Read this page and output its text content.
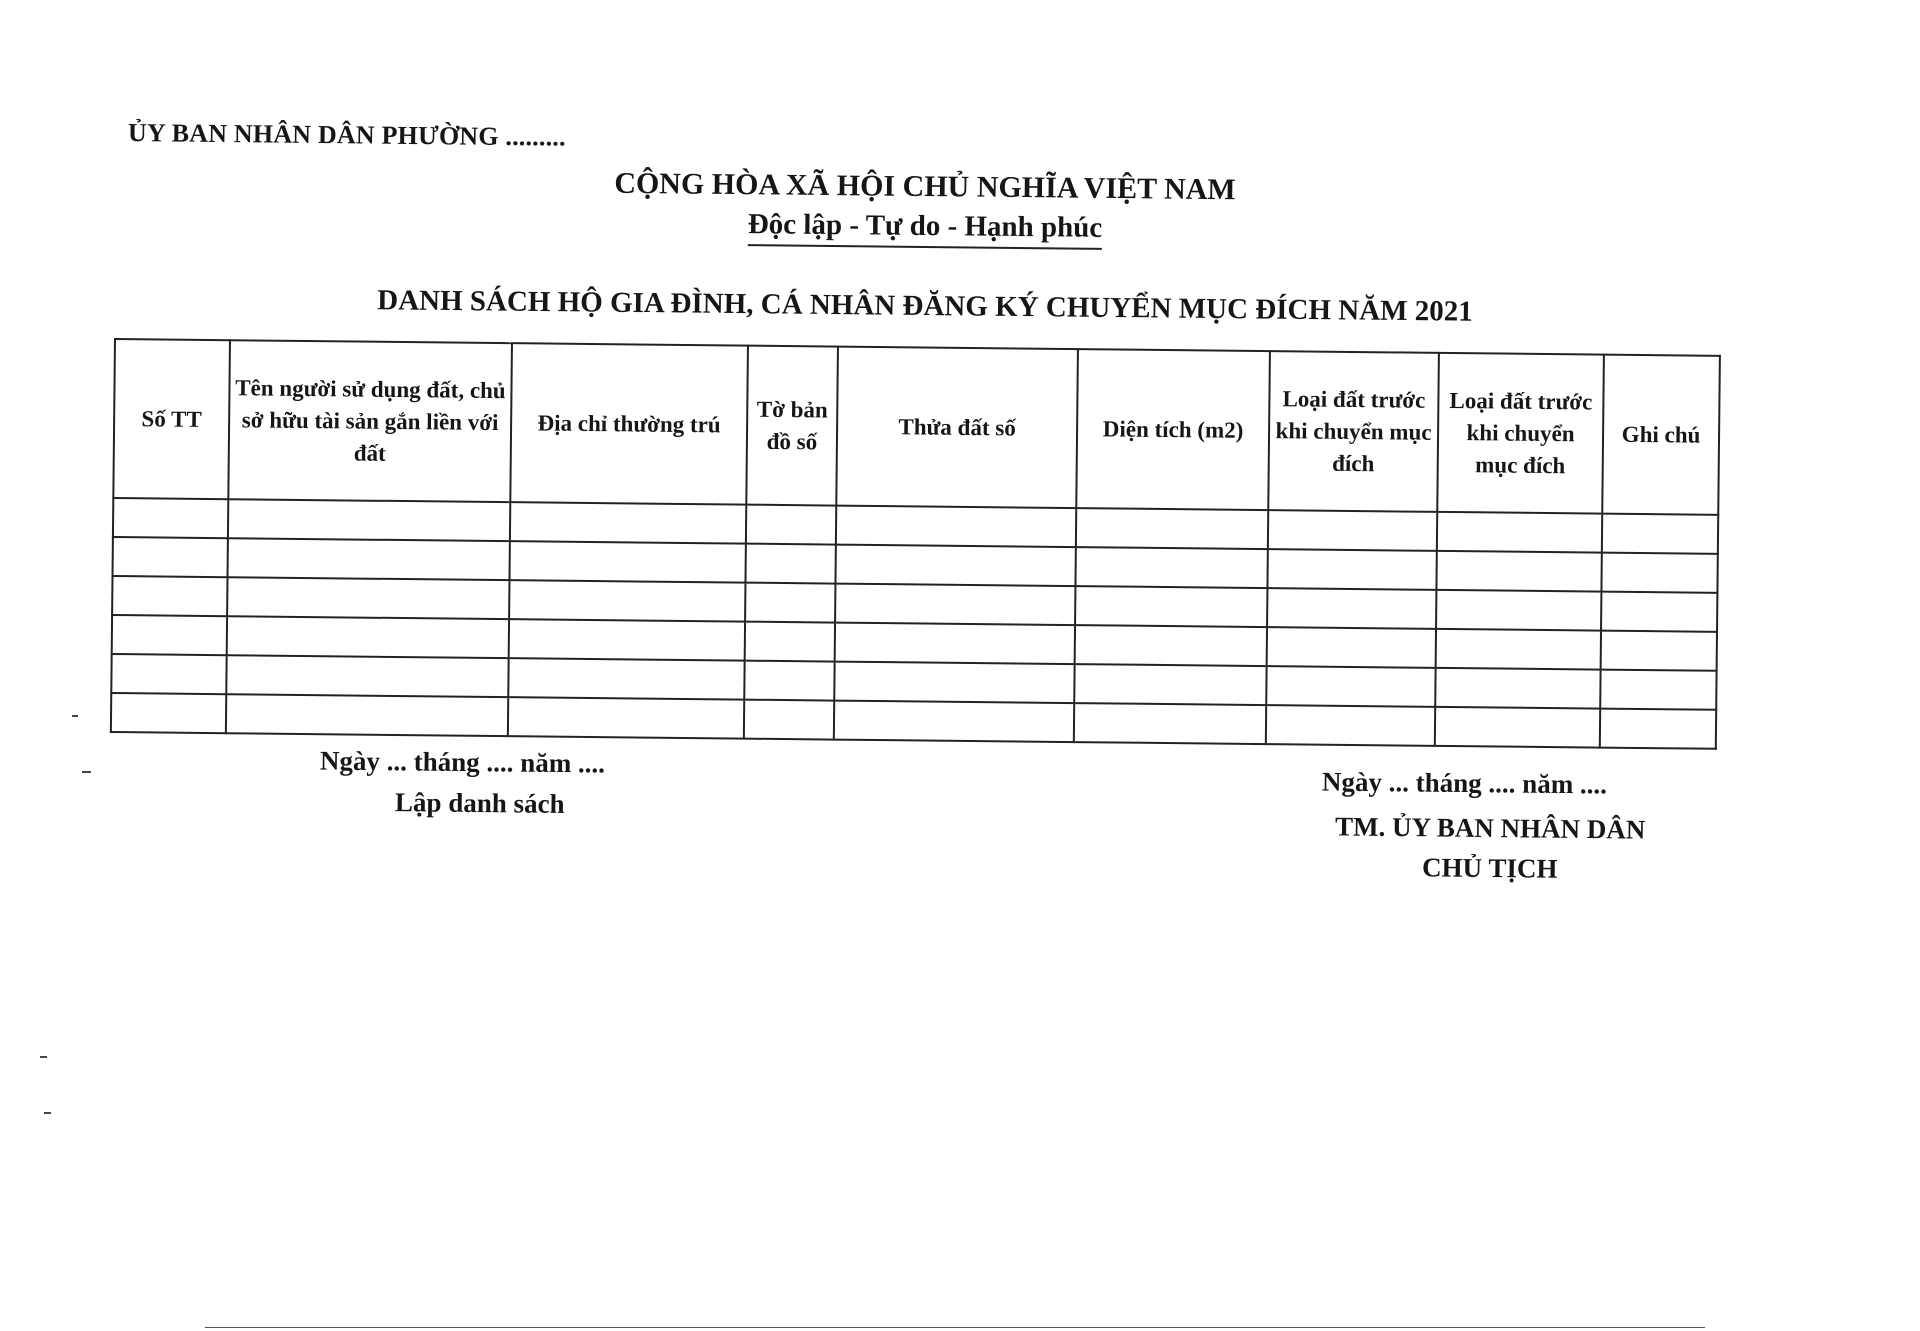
ỦY BAN NHÂN DÂN PHƯỜNG .........
CỘNG HÒA XÃ HỘI CHỦ NGHĨA VIỆT NAM
Độc lập - Tự do - Hạnh phúc
DANH SÁCH HỘ GIA ĐÌNH, CÁ NHÂN ĐĂNG KÝ CHUYỂN MỤC ĐÍCH NĂM 2021
Số TT	Tên người sử dụng đất, chủ sở hữu tài sản gắn liền với đất	Địa chỉ thường trú	Tờ bản đồ số	Thửa đất số	Diện tích (m2)	Loại đất trước khi chuyển mục đích	Loại đất trước khi chuyển mục đích	Ghi chú

Ngày ... tháng .... năm ....
Lập danh sách
Ngày ... tháng .... năm ....
TM. ỦY BAN NHÂN DÂN
CHỦ TỊCH
